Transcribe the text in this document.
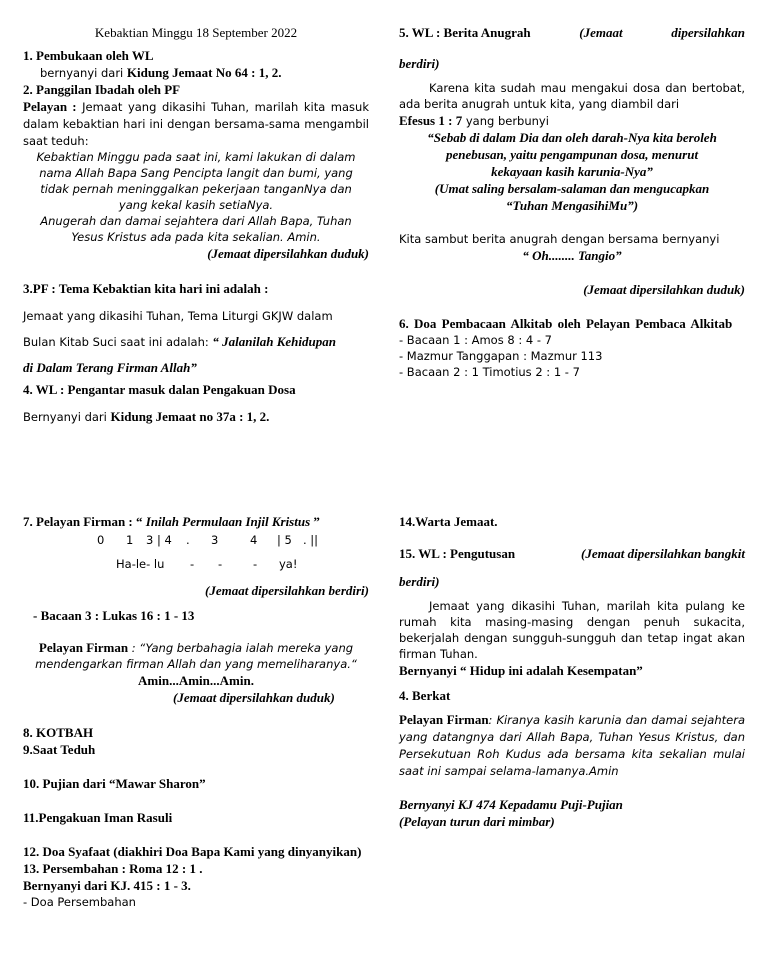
Kebaktian Minggu 18 September 2022

1. Pembukaan oleh WL

bernyanyi dari Kidung Jemaat No 64 : 1, 2.

2. Panggilan Ibadah oleh PF

Pelayan : Jemaat yang dikasihi Tuhan, marilah kita masuk dalam kebaktian hari ini dengan bersama-sama mengambil saat teduh:

Kebaktian Minggu pada saat ini, kami lakukan di dalam

nama Allah Bapa Sang Pencipta langit dan bumi, yang

tidak pernah meninggalkan pekerjaan tanganNya dan

yang kekal kasih setiaNya.

Anugerah dan damai sejahtera dari Allah Bapa, Tuhan

Yesus Kristus ada pada kita sekalian. Amin.

(Jemaat dipersilahkan duduk)

3.PF : Tema Kebaktian kita hari ini adalah :

Jemaat yang dikasihi Tuhan, Tema Liturgi GKJW dalam

Bulan Kitab Suci saat ini adalah: “ Jalanilah Kehidupan

di Dalam Terang Firman Allah”

4. WL : Pengantar masuk dalan Pengakuan Dosa

Bernyanyi dari Kidung Jemaat no 37a : 1, 2.

5. WL : Berita Anugrah	(Jemaat	dipersilahkan

berdiri)

Karena kita sudah mau mengakui dosa dan bertobat, ada berita anugrah untuk kita, yang diambil dari

Efesus 1 : 7 yang berbunyi

“Sebab di dalam Dia dan oleh darah-Nya kita beroleh

penebusan, yaitu pengampunan dosa, menurut

kekayaan kasih karunia-Nya”

(Umat saling bersalam-salaman dan mengucapkan

“Tuhan MengasihiMu”)

Kita sambut berita anugrah dengan bersama bernyanyi

“ Oh........ Tangio”

(Jemaat dipersilahkan duduk)

6. Doa Pembacaan Alkitab oleh Pelayan Pembaca Alkitab

- Bacaan 1 : Amos 8 : 4 - 7

- Mazmur Tanggapan : Mazmur 113

- Bacaan 2 : 1 Timotius 2 : 1 - 7

7. Pelayan Firman : “ Inilah Permulaan Injil Kristus ”

0 1 3 | 4 . 3	4 | 5 . ||
Ha-le- lu - -	- ya!

(Jemaat dipersilahkan berdiri)

- Bacaan 3 : Lukas 16 : 1 - 13

Pelayan Firman : “Yang berbahagia ialah mereka yang

mendengarkan firman Allah dan yang memeliharanya.“

Amin...Amin...Amin.

(Jemaat dipersilahkan duduk)

8. KOTBAH

9.Saat Teduh

10. Pujian dari “Mawar Sharon”

11.Pengakuan Iman Rasuli

12. Doa Syafaat (diakhiri Doa Bapa Kami yang dinyanyikan)

13. Persembahan : Roma 12 : 1 .

Bernyanyi dari KJ. 415 : 1 - 3.

- Doa Persembahan

14.Warta Jemaat.

15. WL : Pengutusan	(Jemaat dipersilahkan bangkit

berdiri)

Jemaat yang dikasihi Tuhan, marilah kita pulang ke rumah kita masing-masing dengan penuh sukacita, bekerjalah dengan sungguh-sungguh dan tetap ingat akan firman Tuhan.

Bernyanyi “ Hidup ini adalah Kesempatan”

4. Berkat

Pelayan Firman: Kiranya kasih karunia dan damai sejahtera yang datangnya dari Allah Bapa, Tuhan Yesus Kristus, dan Persekutuan Roh Kudus ada bersama kita sekalian mulai saat ini sampai selama-lamanya.Amin

Bernyanyi KJ 474 Kepadamu Puji-Pujian

(Pelayan turun dari mimbar)
